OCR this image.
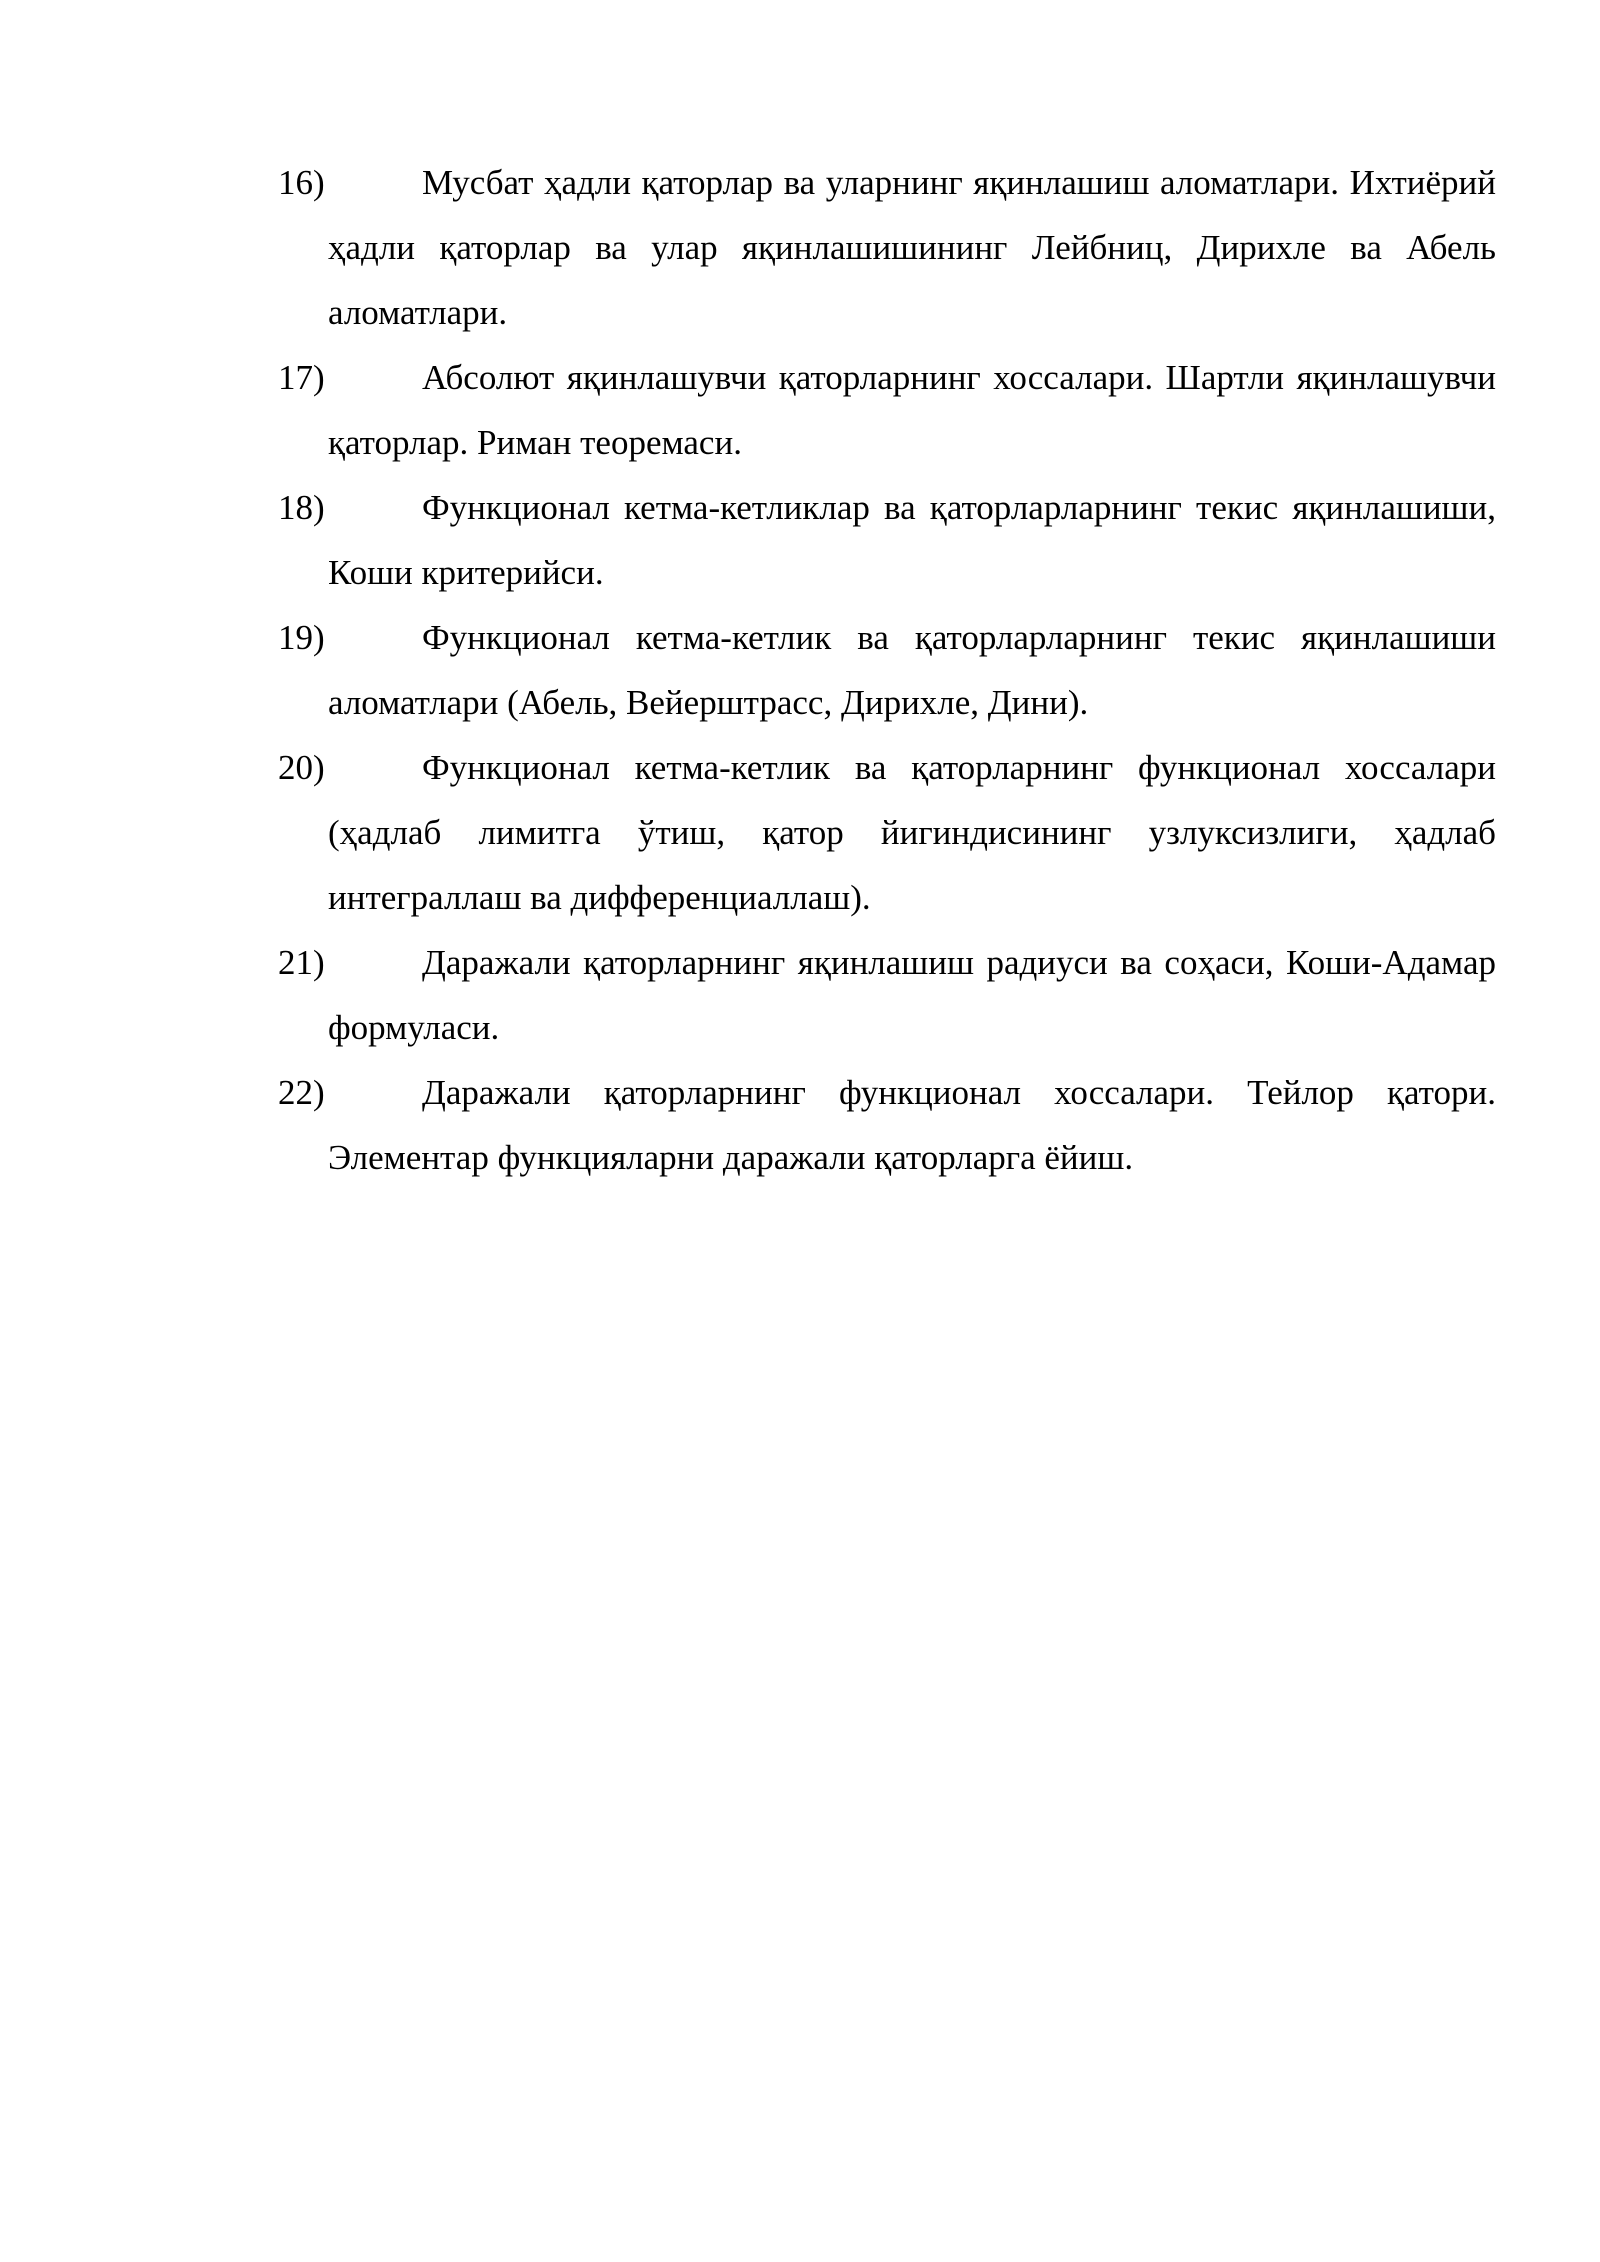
16)	Мусбат ҳадли қаторлар ва уларнинг яқинлашиш аломатлари. Ихтиёрий ҳадли қаторлар ва улар яқинлашишининг Лейбниц, Дирихле ва Абель аломатлари.
17)	Абсолют яқинлашувчи қаторларнинг хоссалари. Шартли яқинлашувчи қаторлар. Риман теоремаси.
18)	Функционал кетма-кетликлар ва қаторларларнинг текис яқинлашиши, Коши критерийси.
19)	Функционал кетма-кетлик ва қаторларларнинг текис яқинлашиши аломатлари (Абель, Вейерштрасс, Дирихле, Дини).
20)	Функционал кетма-кетлик ва қаторларнинг функционал хоссалари (ҳадлаб лимитга ўтиш, қатор йигиндисининг узлуксизлиги, ҳадлаб интеграллаш ва дифференциаллаш).
21)	Даражали қаторларнинг яқинлашиш радиуси ва соҳаси, Коши-Адамар формуласи.
22)	Даражали қаторларнинг функционал хоссалари. Тейлор қатори. Элементар функцияларни даражали қаторларга ёйиш.
